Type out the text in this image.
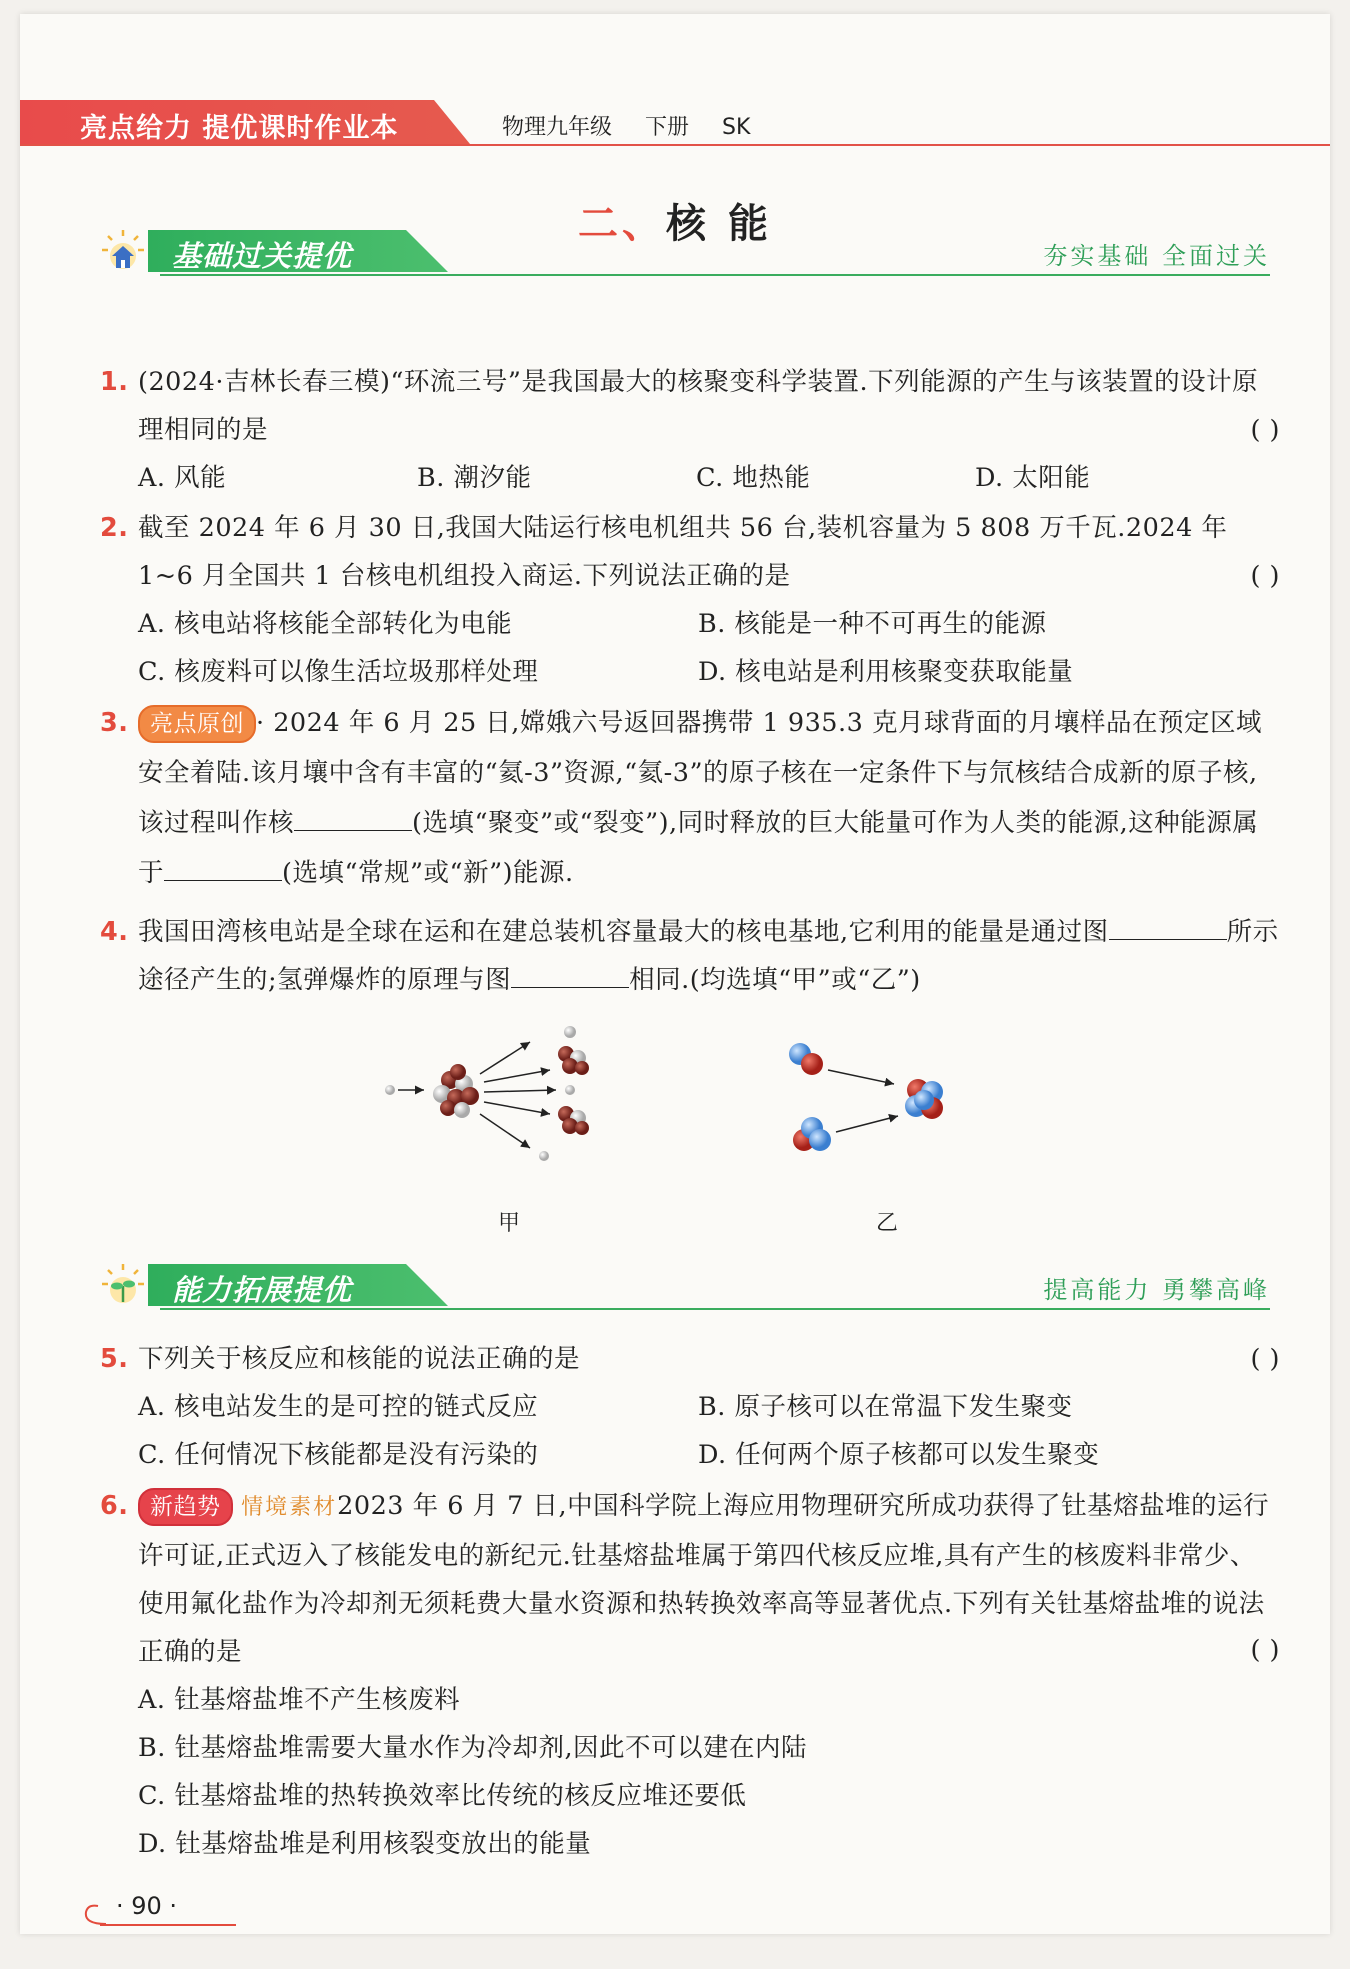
亮点给力 提优课时作业本	物理九年级 下册 SK
二、核 能
基础过关提优	夯实基础 全面过关
1. (2024·吉林长春三模)“环流三号”是我国最大的核聚变科学装置.下列能源的产生与该装置的设计原理相同的是	( )
A. 风能	B. 潮汐能	C. 地热能	D. 太阳能
2. 截至 2024 年 6 月 30 日,我国大陆运行核电机组共 56 台,装机容量为 5 808 万千瓦.2024 年 1~6 月全国共 1 台核电机组投入商运.下列说法正确的是	( )
A. 核电站将核能全部转化为电能	B. 核能是一种不可再生的能源
C. 核废料可以像生活垃圾那样处理	D. 核电站是利用核聚变获取能量
3. 亮点原创 · 2024 年 6 月 25 日,嫦娥六号返回器携带 1 935.3 克月球背面的月壤样品在预定区域安全着陆.该月壤中含有丰富的“氦-3”资源,“氦-3”的原子核在一定条件下与氘核结合成新的原子核,该过程叫作核	(选填“聚变”或“裂变”),同时释放的巨大能量可作为人类的能源,这种能源属于	(选填“常规”或“新”)能源.
4. 我国田湾核电站是全球在运和在建总装机容量最大的核电基地,它利用的能量是通过图	所示途径产生的;氢弹爆炸的原理与图	相同.(均选填“甲”或“乙”)
甲	乙
能力拓展提优	提高能力 勇攀高峰
5. 下列关于核反应和核能的说法正确的是	( )
A. 核电站发生的是可控的链式反应	B. 原子核可以在常温下发生聚变
C. 任何情况下核能都是没有污染的	D. 任何两个原子核都可以发生聚变
6. 新趋势 情境素材2023 年 6 月 7 日,中国科学院上海应用物理研究所成功获得了钍基熔盐堆的运行许可证,正式迈入了核能发电的新纪元.钍基熔盐堆属于第四代核反应堆,具有产生的核废料非常少、使用氟化盐作为冷却剂无须耗费大量水资源和热转换效率高等显著优点.下列有关钍基熔盐堆的说法正确的是	( )
A. 钍基熔盐堆不产生核废料
B. 钍基熔盐堆需要大量水作为冷却剂,因此不可以建在内陆
C. 钍基熔盐堆的热转换效率比传统的核反应堆还要低
D. 钍基熔盐堆是利用核裂变放出的能量
· 90 ·
